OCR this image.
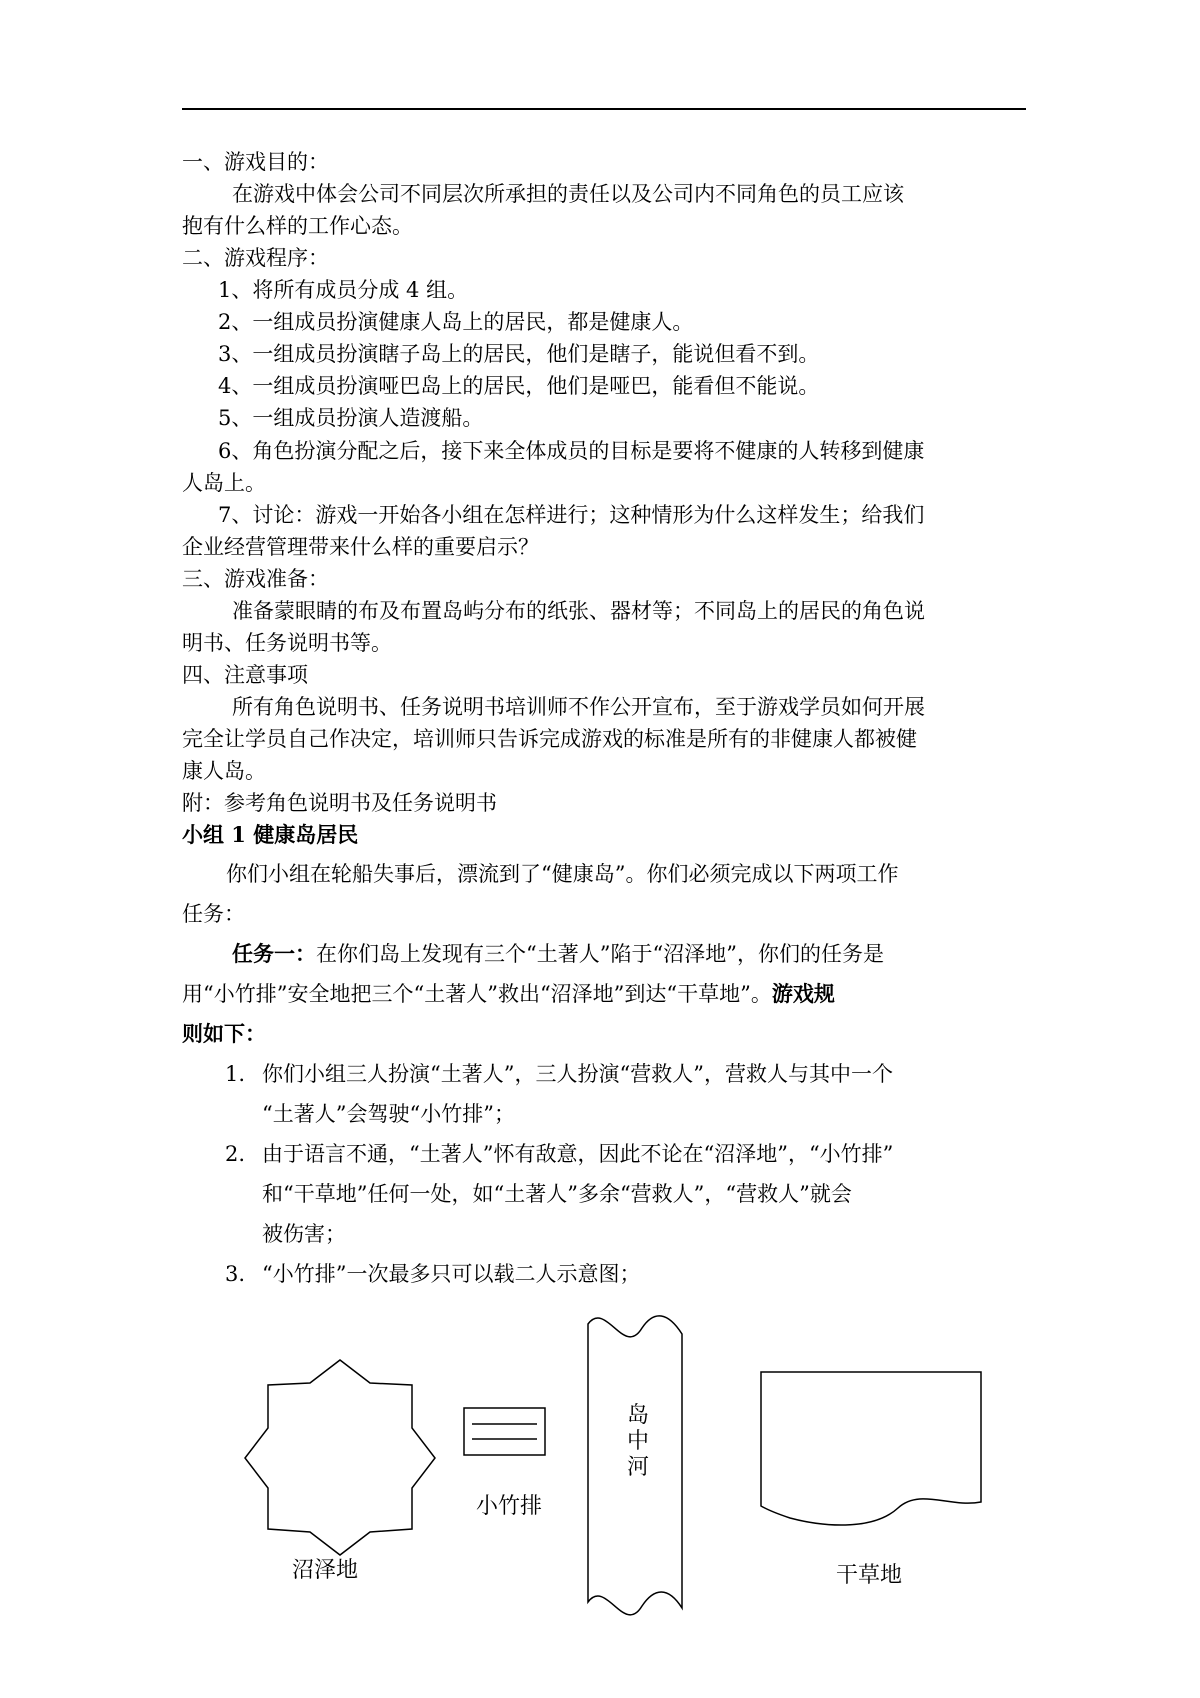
一、游戏目的：
在游戏中体会公司不同层次所承担的责任以及公司内不同角色的员工应该
抱有什么样的工作心态。
二、游戏程序：
1、将所有成员分成 4 组。
2、一组成员扮演健康人岛上的居民，都是健康人。
3、一组成员扮演瞎子岛上的居民，他们是瞎子，能说但看不到。
4、一组成员扮演哑巴岛上的居民，他们是哑巴，能看但不能说。
5、一组成员扮演人造渡船。
6、角色扮演分配之后，接下来全体成员的目标是要将不健康的人转移到健康
人岛上。
7、讨论：游戏一开始各小组在怎样进行；这种情形为什么这样发生；给我们
企业经营管理带来什么样的重要启示？
三、游戏准备：
准备蒙眼睛的布及布置岛屿分布的纸张、器材等；不同岛上的居民的角色说
明书、任务说明书等。
四、注意事项
所有角色说明书、任务说明书培训师不作公开宣布，至于游戏学员如何开展
完全让学员自己作决定，培训师只告诉完成游戏的标准是所有的非健康人都被健
康人岛。
附：参考角色说明书及任务说明书
小组 1 健康岛居民
你们小组在轮船失事后，漂流到了“健康岛”。你们必须完成以下两项工作
任务：
任务一：在你们岛上发现有三个“土著人”陷于“沼泽地”，你们的任务是
用“小竹排”安全地把三个“土著人”救出“沼泽地”到达“干草地”。游戏规
则如下：
1. 你们小组三人扮演“土著人”，三人扮演“营救人”，营救人与其中一个
“土著人”会驾驶“小竹排”；
2. 由于语言不通，“土著人”怀有敌意，因此不论在“沼泽地”，“小竹排”
和“干草地”任何一处，如“土著人”多余“营救人”，“营救人”就会
被伤害；
3. “小竹排”一次最多只可以载二人示意图；
小竹排
沼泽地
岛
中
河
干草地
